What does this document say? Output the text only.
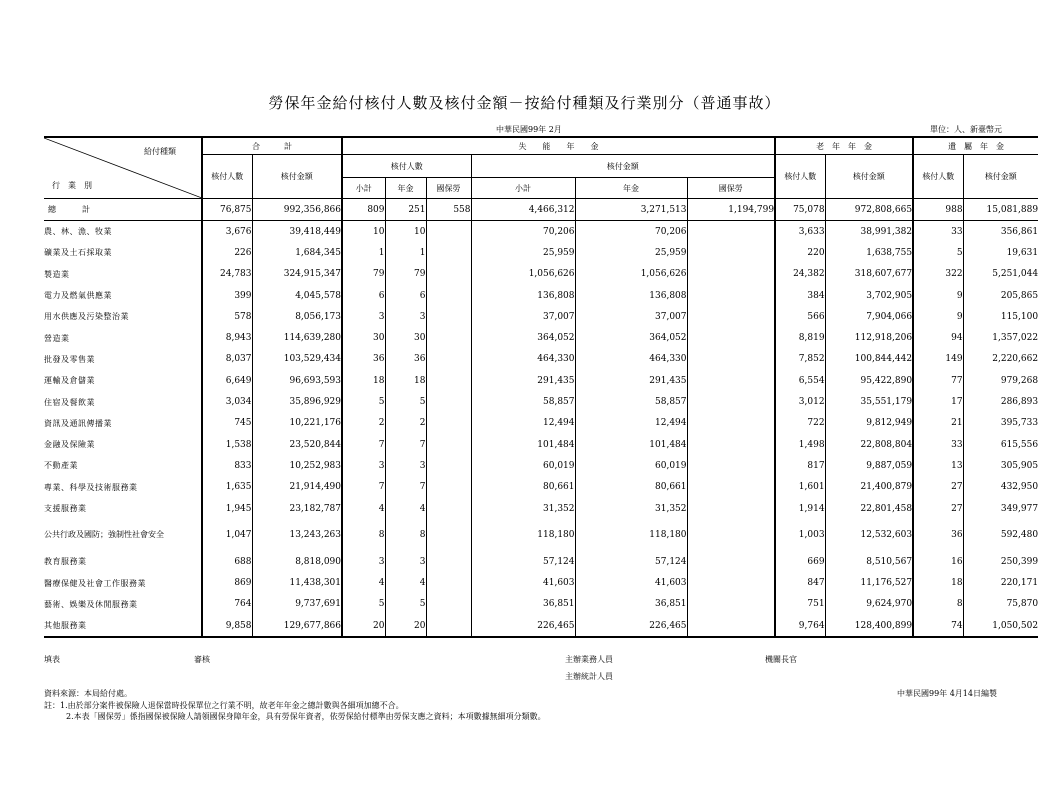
勞保年金給付核付人數及核付金額－按給付種類及行業別分（普通事故）
中華民國99年 2月	單位：人、新臺幣元
給付種類
行　業　別	合　　　計		失　　能　　年　　金						老　年　年　金		遺　屬　年　金	
	核付人數	核付金額	核付人數			核付金額			核付人數	核付金額	核付人數	核付金額
			小計	年金	國保勞	小計	年金	國保勞				
總　　　計	76,875	992,356,866	809	251	558	4,466,312	3,271,513	1,194,799	75,078	972,808,665	988	15,081,889
農、林、漁、牧業	3,676	39,418,449	10	10		70,206	70,206		3,633	38,991,382	33	356,861
礦業及土石採取業	226	1,684,345	1	1		25,959	25,959		220	1,638,755	5	19,631
製造業	24,783	324,915,347	79	79		1,056,626	1,056,626		24,382	318,607,677	322	5,251,044
電力及燃氣供應業	399	4,045,578	6	6		136,808	136,808		384	3,702,905	9	205,865
用水供應及污染整治業	578	8,056,173	3	3		37,007	37,007		566	7,904,066	9	115,100
營造業	8,943	114,639,280	30	30		364,052	364,052		8,819	112,918,206	94	1,357,022
批發及零售業	8,037	103,529,434	36	36		464,330	464,330		7,852	100,844,442	149	2,220,662
運輸及倉儲業	6,649	96,693,593	18	18		291,435	291,435		6,554	95,422,890	77	979,268
住宿及餐飲業	3,034	35,896,929	5	5		58,857	58,857		3,012	35,551,179	17	286,893
資訊及通訊傳播業	745	10,221,176	2	2		12,494	12,494		722	9,812,949	21	395,733
金融及保險業	1,538	23,520,844	7	7		101,484	101,484		1,498	22,808,804	33	615,556
不動產業	833	10,252,983	3	3		60,019	60,019		817	9,887,059	13	305,905
專業、科學及技術服務業	1,635	21,914,490	7	7		80,661	80,661		1,601	21,400,879	27	432,950
支援服務業	1,945	23,182,787	4	4		31,352	31,352		1,914	22,801,458	27	349,977
公共行政及國防；強制性社會安全	1,047	13,243,263	8	8		118,180	118,180		1,003	12,532,603	36	592,480
教育服務業	688	8,818,090	3	3		57,124	57,124		669	8,510,567	16	250,399
醫療保健及社會工作服務業	869	11,438,301	4	4		41,603	41,603		847	11,176,527	18	220,171
藝術、娛樂及休閒服務業	764	9,737,691	5	5		36,851	36,851		751	9,624,970	8	75,870
其他服務業	9,858	129,677,866	20	20		226,465	226,465		9,764	128,400,899	74	1,050,502
填表	審核	主辦業務人員	機關長官
主辦統計人員
資料來源：本局給付處。	中華民國99年 4月14日編製
註：1.由於部分案件被保險人退保當時投保單位之行業不明，故老年年金之總計數與各細項加總不合。
2.本表「國保勞」係指國保被保險人請領國保身障年金，具有勞保年資者，依勞保給付標準由勞保支應之資料；本項數據無細項分類數。
